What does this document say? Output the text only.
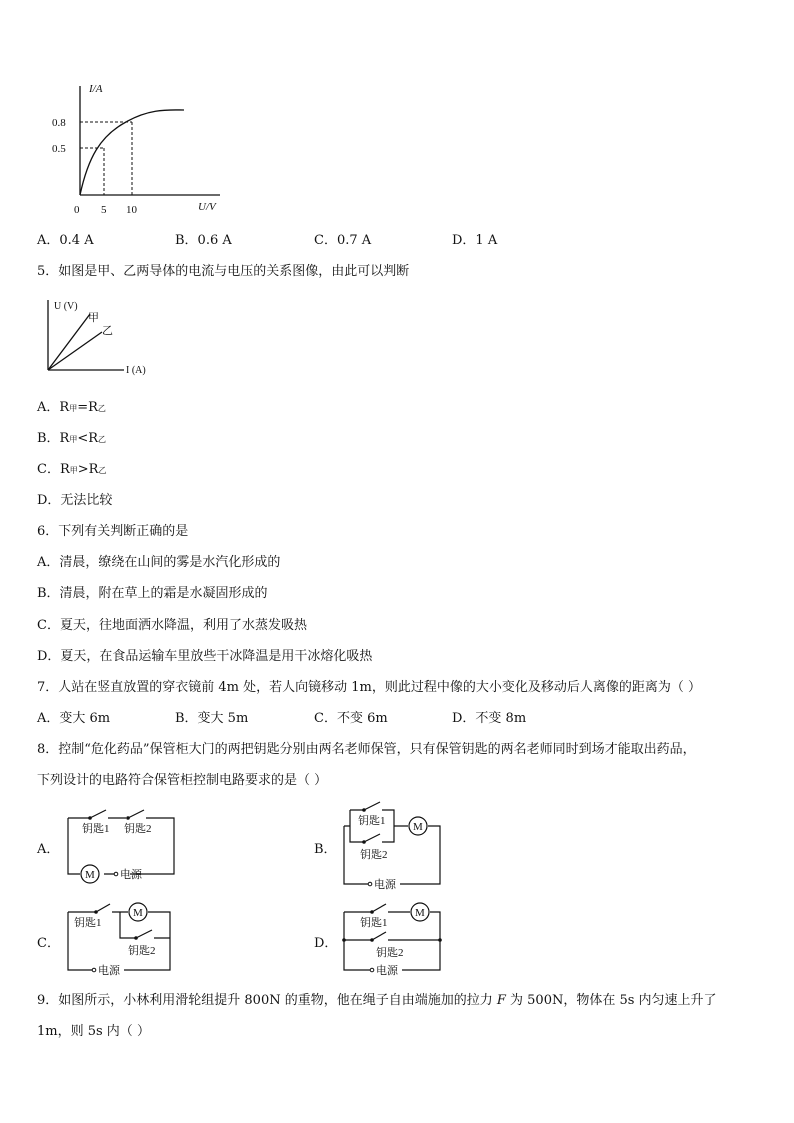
I/A
0.8
0.5
0 5 10	U/V
A．0.4 A	B．0.6 A	C．0.7 A	D．1 A
5．如图是甲、乙两导体的电流与电压的关系图像，由此可以判断
U (V)
甲
乙
I (A)
A．R甲=R乙
B．R甲<R乙
C．R甲>R乙
D．无法比较
6．下列有关判断正确的是
A．清晨，缭绕在山间的雾是水汽化形成的
B．清晨，附在草上的霜是水凝固形成的
C．夏天，往地面洒水降温，利用了水蒸发吸热
D．夏天，在食品运输车里放些干冰降温是用干冰熔化吸热
7．人站在竖直放置的穿衣镜前 4m 处，若人向镜移动 1m，则此过程中像的大小变化及移动后人离像的距离为（ ）
A．变大 6m	B．变大 5m	C．不变 6m	D．不变 8m
8．控制“危化药品”保管柜大门的两把钥匙分别由两名老师保管，只有保管钥匙的两名老师同时到场才能取出药品，
下列设计的电路符合保管柜控制电路要求的是（ ）
A．
M
钥匙1 钥匙2
电源
B．
M
钥匙1
钥匙2
电源
C．
M
钥匙1
钥匙2
电源
D．
M
钥匙1
钥匙2
电源
9．如图所示，小林利用滑轮组提升 800N 的重物，他在绳子自由端施加的拉力 F 为 500N，物体在 5s 内匀速上升了
1m，则 5s 内（ ）
